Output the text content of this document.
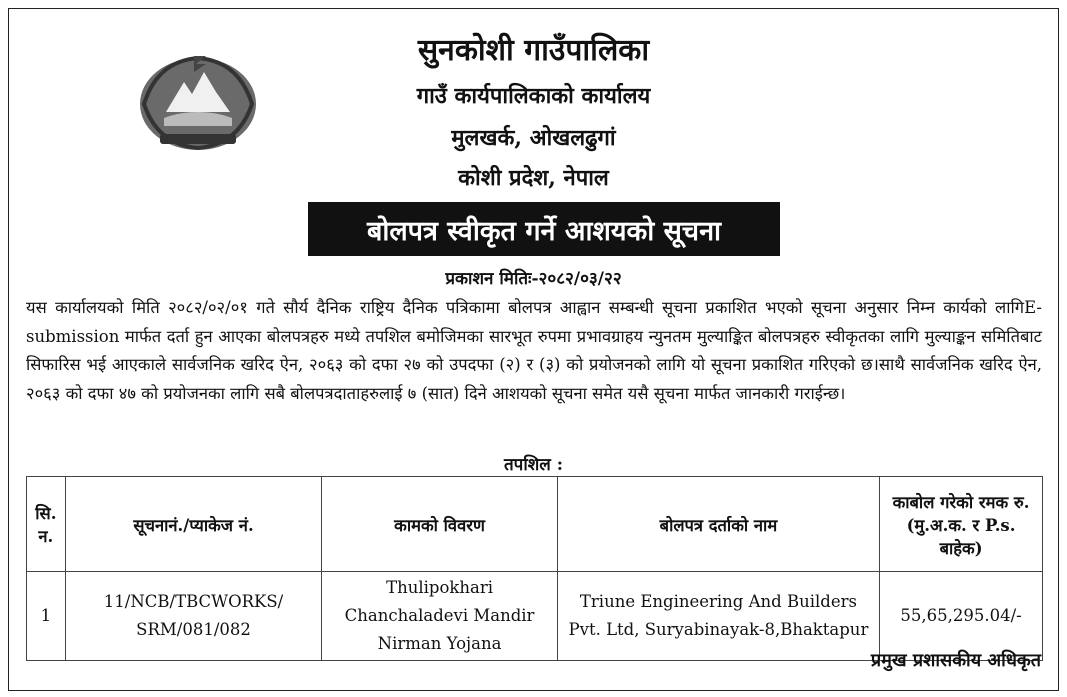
सुनकोशी गाउँपालिका
गाउँ कार्यपालिकाको कार्यालय
मुलखर्क, ओखलढुगां
कोशी प्रदेश, नेपाल
बोलपत्र स्वीकृत गर्ने आशयको सूचना
प्रकाशन मितिः-२०८२/०३/२२
यस कार्यालयको मिति २०८२/०२/०१ गते सौर्य दैनिक राष्ट्रिय दैनिक पत्रिकामा बोलपत्र आह्वान सम्बन्धी सूचना प्रकाशित भएको सूचना अनुसार निम्न कार्यको लागिE- submission मार्फत दर्ता हुन आएका बोलपत्रहरु मध्ये तपशिल बमोजिमका सारभूत रुपमा प्रभावग्राहय न्युनतम मुल्याङ्कित बोलपत्रहरु स्वीकृतका लागि मुल्याङ्कन समितिबाट सिफारिस भई आएकाले सार्वजनिक खरिद ऐन, २०६३ को दफा २७ को उपदफा (२) र (३) को प्रयोजनको लागि यो सूचना प्रकाशित गरिएको छ।साथै सार्वजनिक खरिद ऐन, २०६३ को दफा ४७ को प्रयोजनका लागि सबै बोलपत्रदाताहरुलाई ७ (सात) दिने आशयको सूचना समेत यसै सूचना मार्फत जानकारी गराईन्छ।
तपशिल :
सि. न.	सूचनानं./प्याकेज नं.	कामको विवरण	बोलपत्र दर्ताको नाम	काबोल गरेको रमक रु.(मु.अ.क. र P.s. बाहेक)
1	11/NCB/TBCWORKS/ SRM/081/082	Thulipokhari Chanchaladevi Mandir Nirman Yojana	Triune Engineering And Builders Pvt. Ltd, Suryabinayak-8,Bhaktapur	55,65,295.04/-
प्रमुख प्रशासकीय अधिकृत
